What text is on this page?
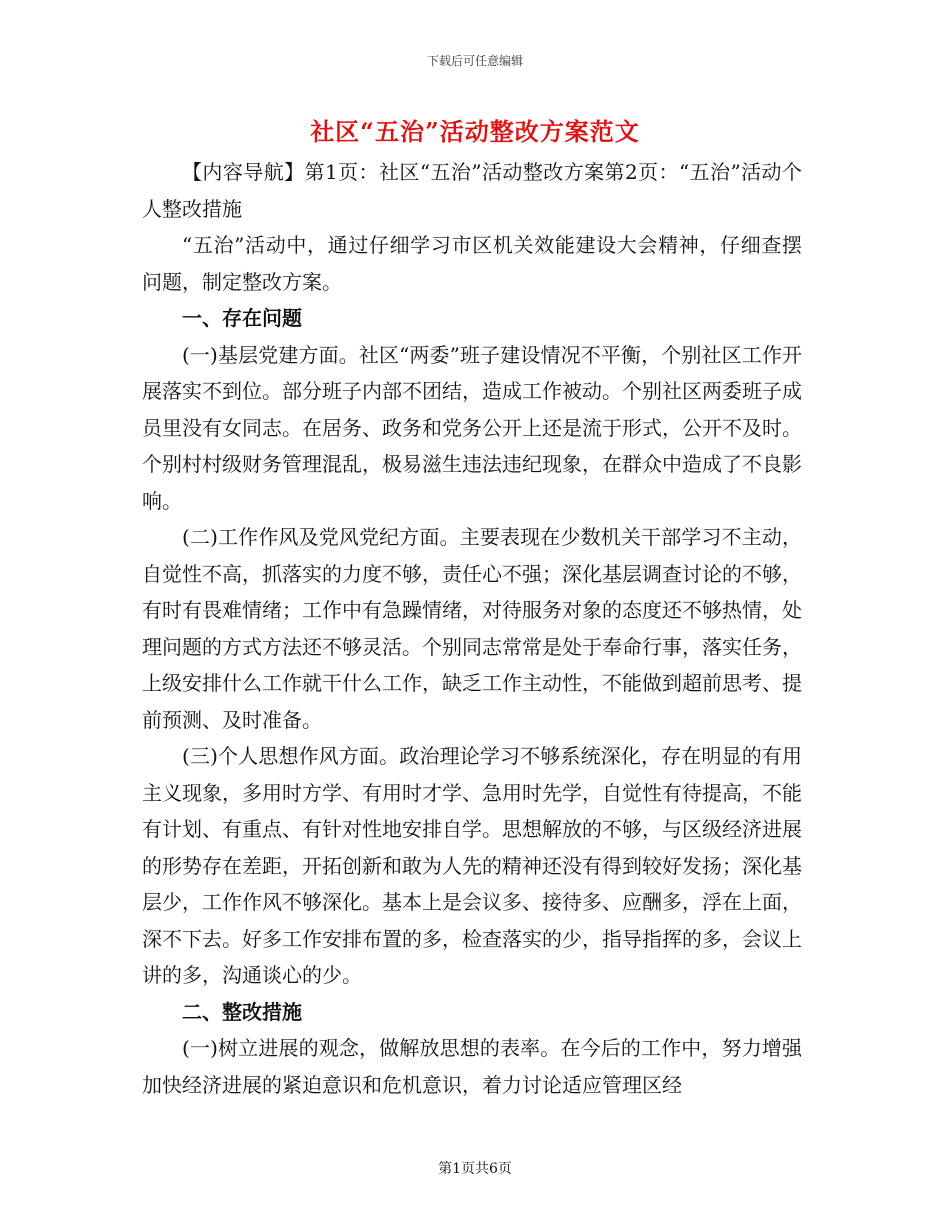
下载后可任意编辑
社区“五治”活动整改方案范文

【内容导航】第1页：社区“五治”活动整改方案第2页：“五治”活动个人整改措施

“五治”活动中，通过仔细学习市区机关效能建设大会精神，仔细查摆问题，制定整改方案。

一、存在问题

(一)基层党建方面。社区“两委”班子建设情况不平衡，个别社区工作开展落实不到位。部分班子内部不团结，造成工作被动。个别社区两委班子成员里没有女同志。在居务、政务和党务公开上还是流于形式，公开不及时。个别村村级财务管理混乱，极易滋生违法违纪现象，在群众中造成了不良影响。

(二)工作作风及党风党纪方面。主要表现在少数机关干部学习不主动，自觉性不高，抓落实的力度不够，责任心不强；深化基层调查讨论的不够，有时有畏难情绪；工作中有急躁情绪，对待服务对象的态度还不够热情，处理问题的方式方法还不够灵活。个别同志常常是处于奉命行事，落实任务，上级安排什么工作就干什么工作，缺乏工作主动性，不能做到超前思考、提前预测、及时准备。

(三)个人思想作风方面。政治理论学习不够系统深化，存在明显的有用主义现象，多用时方学、有用时才学、急用时先学，自觉性有待提高，不能有计划、有重点、有针对性地安排自学。思想解放的不够，与区级经济进展的形势存在差距，开拓创新和敢为人先的精神还没有得到较好发扬；深化基层少，工作作风不够深化。基本上是会议多、接待多、应酬多，浮在上面，深不下去。好多工作安排布置的多，检查落实的少，指导指挥的多，会议上讲的多，沟通谈心的少。

二、整改措施

(一)树立进展的观念，做解放思想的表率。在今后的工作中，努力增强加快经济进展的紧迫意识和危机意识，着力讨论适应管理区经

第1页共6页
